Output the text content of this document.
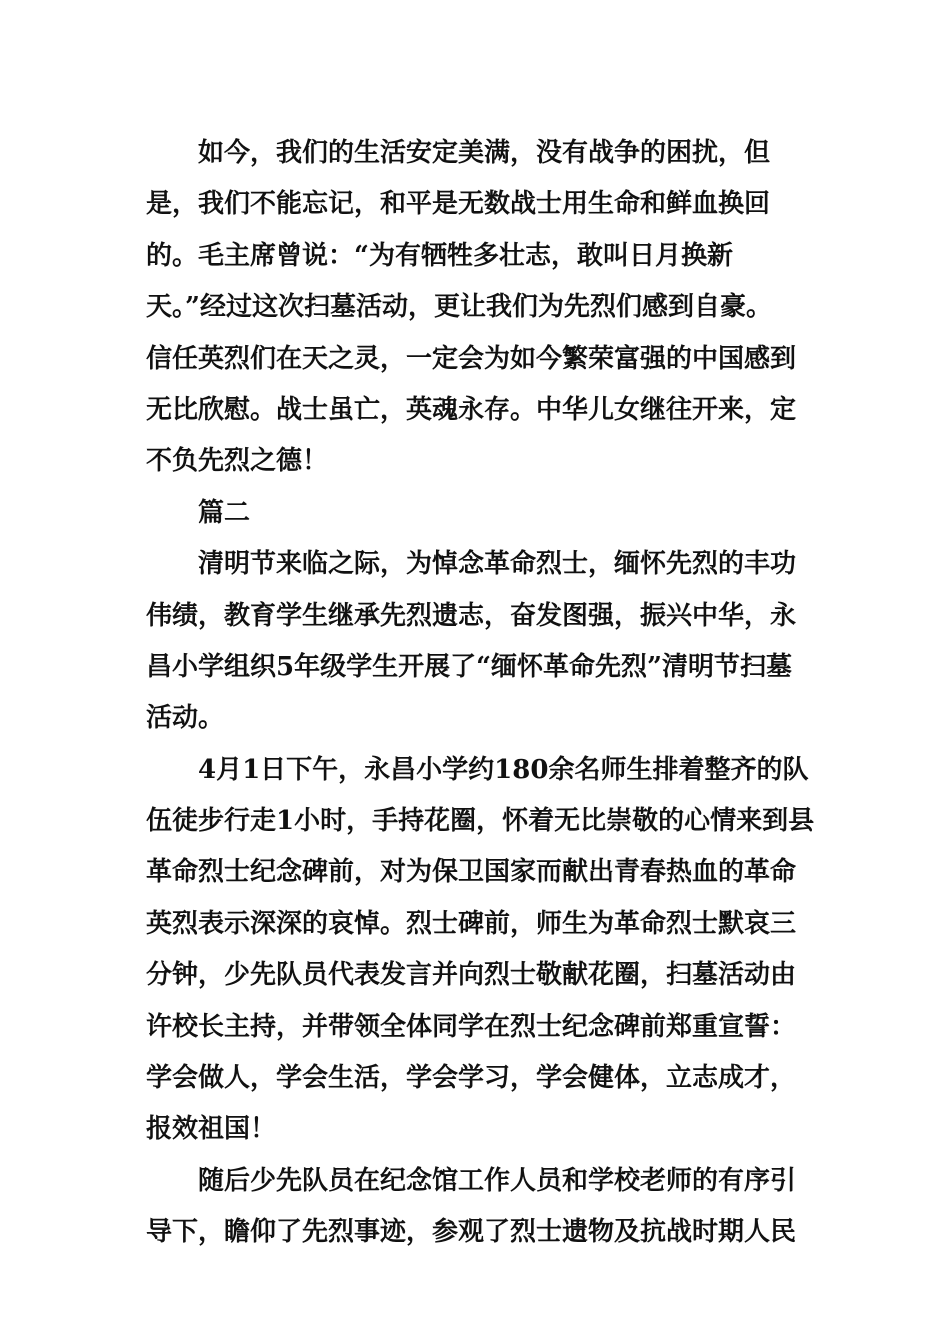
如今，我们的生活安定美满，没有战争的困扰，但
是，我们不能忘记，和平是无数战士用生命和鲜血换回
的。毛主席曾说：“为有牺牲多壮志，敢叫日月换新
天。”经过这次扫墓活动，更让我们为先烈们感到自豪。
信任英烈们在天之灵，一定会为如今繁荣富强的中国感到
无比欣慰。战士虽亡，英魂永存。中华儿女继往开来，定
不负先烈之德！
篇二
清明节来临之际，为悼念革命烈士，缅怀先烈的丰功
伟绩，教育学生继承先烈遗志，奋发图强，振兴中华，永
昌小学组织5年级学生开展了“缅怀革命先烈”清明节扫墓
活动。
4月1日下午，永昌小学约180余名师生排着整齐的队
伍徒步行走1小时，手持花圈，怀着无比崇敬的心情来到县
革命烈士纪念碑前，对为保卫国家而献出青春热血的革命
英烈表示深深的哀悼。烈士碑前，师生为革命烈士默哀三
分钟，少先队员代表发言并向烈士敬献花圈，扫墓活动由
许校长主持，并带领全体同学在烈士纪念碑前郑重宣誓：
学会做人，学会生活，学会学习，学会健体，立志成才，
报效祖国！
随后少先队员在纪念馆工作人员和学校老师的有序引
导下，瞻仰了先烈事迹，参观了烈士遗物及抗战时期人民
